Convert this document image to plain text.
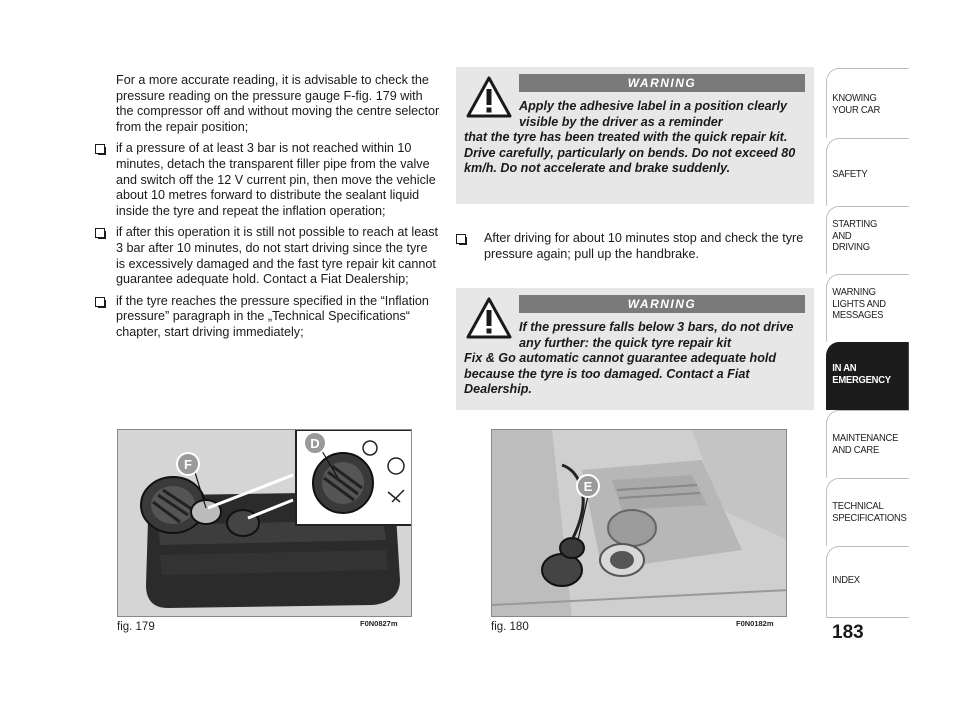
For a more accurate reading, it is advisable to check the pressure reading on the pressure gauge F-fig. 179 with the compressor off and without moving the centre selector from the repair position;

if a pressure of at least 3 bar is not reached within 10 minutes, detach the transparent filler pipe from the valve and switch off the 12 V current pin, then move the vehicle about 10 metres forward to distribute the sealant liquid inside the tyre and repeat the inflation operation;

if after this operation it is still not possible to reach at least 3 bar after 10 minutes, do not start driving since the tyre is excessively damaged and the fast tyre repair kit cannot guarantee adequate hold. Contact a Fiat Dealership;

if the tyre reaches the pressure specified in the “Inflation pressure” paragraph in the „Technical Specifications“ chapter, start driving immediately;

WARNING
Apply the adhesive label in a position clearly visible by the driver as a reminder
that the tyre has been treated with the quick repair kit. Drive carefully, particularly on bends. Do not exceed 80 km/h. Do not accelerate and brake suddenly.

After driving for about 10 minutes stop and check the tyre pressure again; pull up the handbrake.

WARNING
If the pressure falls below 3 bars, do not drive any further: the quick tyre repair kit
Fix & Go automatic cannot guarantee adequate hold because the tyre is too damaged. Contact a Fiat Dealership.
F
D
fig. 179	F0N0827m
E
fig. 180	F0N0182m
KNOWING
YOUR CAR
SAFETY
STARTING
AND
DRIVING
WARNING
LIGHTS AND
MESSAGES
IN AN
EMERGENCY
MAINTENANCE
AND CARE
TECHNICAL
SPECIFICATIONS
INDEX
183
